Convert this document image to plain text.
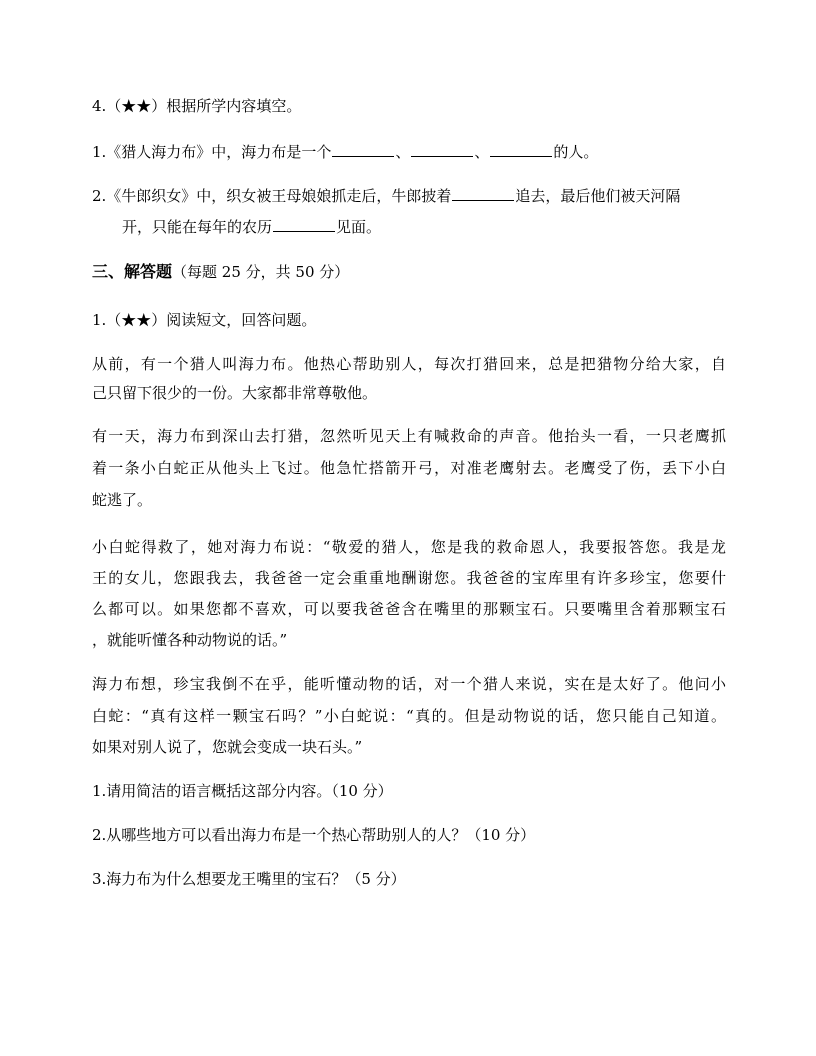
4.（★★）根据所学内容填空。
1.《猎人海力布》中，海力布是一个	、	、	的人。
2.《牛郎织女》中，织女被王母娘娘抓走后，牛郎披着	追去，最后他们被天河隔
开，只能在每年的农历	见面。
三、解答题（每题 25 分，共 50 分）
1.（★★）阅读短文，回答问题。
从前，有一个猎人叫海力布。他热心帮助别人，每次打猎回来，总是把猎物分给大家，自
己只留下很少的一份。大家都非常尊敬他。
有一天，海力布到深山去打猎，忽然听见天上有喊救命的声音。他抬头一看，一只老鹰抓
着一条小白蛇正从他头上飞过。他急忙搭箭开弓，对准老鹰射去。老鹰受了伤，丢下小白
蛇逃了。
小白蛇得救了，她对海力布说：“敬爱的猎人，您是我的救命恩人，我要报答您。我是龙
王的女儿，您跟我去，我爸爸一定会重重地酬谢您。我爸爸的宝库里有许多珍宝，您要什
么都可以。如果您都不喜欢，可以要我爸爸含在嘴里的那颗宝石。只要嘴里含着那颗宝石
，就能听懂各种动物说的话。”
海力布想，珍宝我倒不在乎，能听懂动物的话，对一个猎人来说，实在是太好了。他问小
白蛇：“真有这样一颗宝石吗？”小白蛇说：“真的。但是动物说的话，您只能自己知道。
如果对别人说了，您就会变成一块石头。”
1.请用简洁的语言概括这部分内容。（10 分）
2.从哪些地方可以看出海力布是一个热心帮助别人的人？（10 分）
3.海力布为什么想要龙王嘴里的宝石？（5 分）
